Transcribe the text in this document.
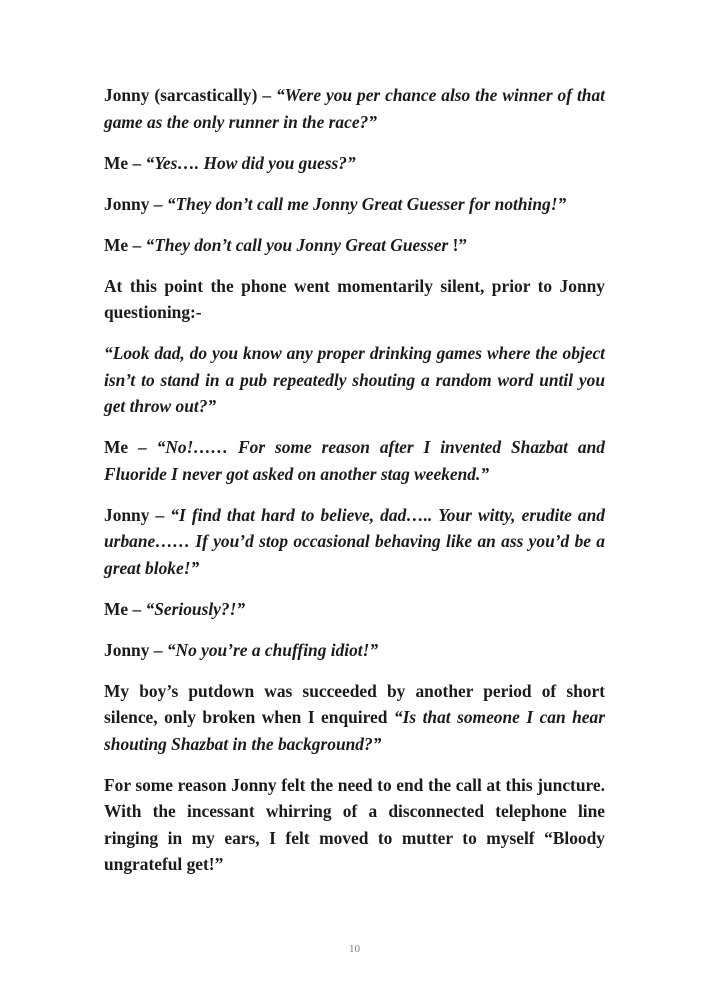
Jonny (sarcastically) – “Were you per chance also the winner of that game as the only runner in the race?”

Me – “Yes…. How did you guess?”

Jonny – “They don’t call me Jonny Great Guesser for nothing!”

Me – “They don’t call you Jonny Great Guesser !”

At this point the phone went momentarily silent, prior to Jonny questioning:-

“Look dad, do you know any proper drinking games where the object isn’t to stand in a pub repeatedly shouting a random word until you get throw out?”

Me – “No!…… For some reason after I invented Shazbat and Fluoride I never got asked on another stag weekend.”

Jonny – “I find that hard to believe, dad….. Your witty, erudite and urbane…… If you’d stop occasional behaving like an ass you’d be a great bloke!”

Me – “Seriously?!”

Jonny – “No you’re a chuffing idiot!”

My boy’s putdown was succeeded by another period of short silence, only broken when I enquired “Is that someone I can hear shouting Shazbat in the background?”

For some reason Jonny felt the need to end the call at this juncture. With the incessant whirring of a disconnected telephone line ringing in my ears, I felt moved to mutter to myself “Bloody ungrateful get!”

10
